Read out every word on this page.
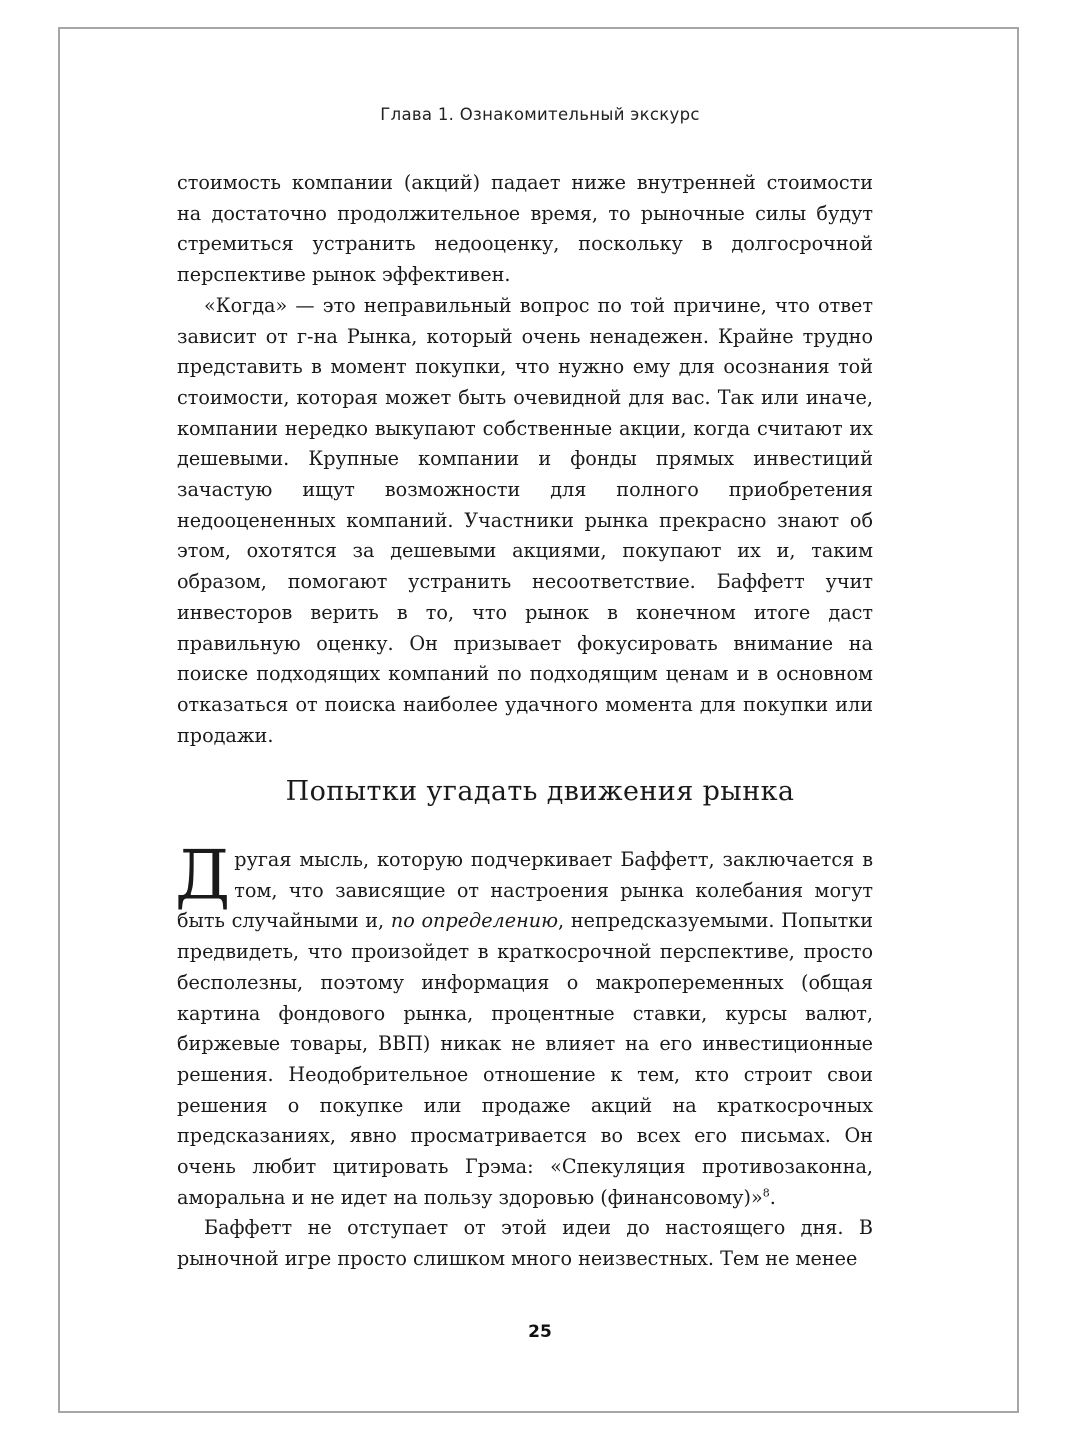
Глава 1. Ознакомительный экскурс

стоимость компании (акций) падает ниже внутренней стоимости на достаточно продолжительное время, то рыночные силы будут стремиться устранить недооценку, поскольку в долгосрочной перспективе рынок эффективен.

«Когда» — это неправильный вопрос по той причине, что ответ зависит от г-на Рынка, который очень ненадежен. Крайне трудно представить в момент покупки, что нужно ему для осознания той стоимости, которая может быть очевидной для вас. Так или иначе, компании нередко выкупают собственные акции, когда считают их дешевыми. Крупные компании и фонды прямых инвестиций зачастую ищут возможности для полного приобретения недооцененных компаний. Участники рынка прекрасно знают об этом, охотятся за дешевыми акциями, покупают их и, таким образом, помогают устранить несоответствие. Баффетт учит инвесторов верить в то, что рынок в конечном итоге даст правильную оценку. Он призывает фокусировать внимание на поиске подходящих компаний по подходящим ценам и в основном отказаться от поиска наиболее удачного момента для покупки или продажи.

Попытки угадать движения рынка

Другая мысль, которую подчеркивает Баффетт, заключается в том, что зависящие от настроения рынка колебания могут быть случайными и, по определению, непредсказуемыми. Попытки предвидеть, что произойдет в краткосрочной перспективе, просто бесполезны, поэтому информация о макропеременных (общая картина фондового рынка, процентные ставки, курсы валют, биржевые товары, ВВП) никак не влияет на его инвестиционные решения. Неодобрительное отношение к тем, кто строит свои решения о покупке или продаже акций на краткосрочных предсказаниях, явно просматривается во всех его письмах. Он очень любит цитировать Грэма: «Спекуляция противозаконна, аморальна и не идет на пользу здоровью (финансовому)»$^8$.

Баффетт не отступает от этой идеи до настоящего дня. В рыночной игре просто слишком много неизвестных. Тем не менее

25
